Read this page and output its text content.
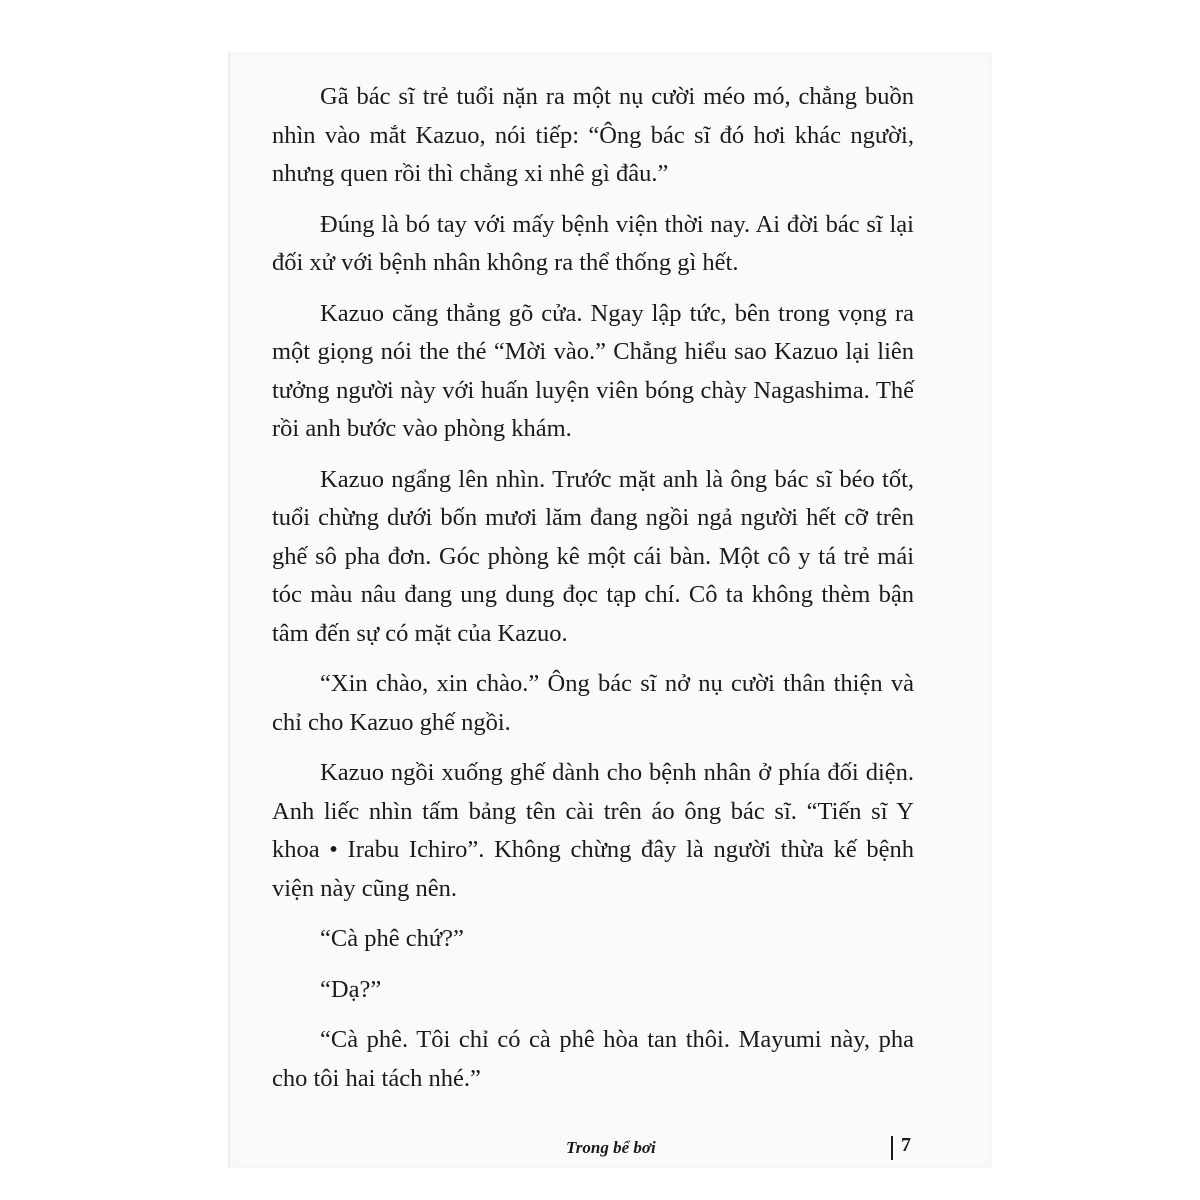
Gã bác sĩ trẻ tuổi nặn ra một nụ cười méo mó, chẳng buồn nhìn vào mắt Kazuo, nói tiếp: “Ông bác sĩ đó hơi khác người, nhưng quen rồi thì chẳng xi nhê gì đâu.”

Đúng là bó tay với mấy bệnh viện thời nay. Ai đời bác sĩ lại đối xử với bệnh nhân không ra thể thống gì hết.

Kazuo căng thẳng gõ cửa. Ngay lập tức, bên trong vọng ra một giọng nói the thé “Mời vào.” Chẳng hiểu sao Kazuo lại liên tưởng người này với huấn luyện viên bóng chày Nagashima. Thế rồi anh bước vào phòng khám.

Kazuo ngẩng lên nhìn. Trước mặt anh là ông bác sĩ béo tốt, tuổi chừng dưới bốn mươi lăm đang ngồi ngả người hết cỡ trên ghế sô pha đơn. Góc phòng kê một cái bàn. Một cô y tá trẻ mái tóc màu nâu đang ung dung đọc tạp chí. Cô ta không thèm bận tâm đến sự có mặt của Kazuo.

“Xin chào, xin chào.” Ông bác sĩ nở nụ cười thân thiện và chỉ cho Kazuo ghế ngồi.

Kazuo ngồi xuống ghế dành cho bệnh nhân ở phía đối diện. Anh liếc nhìn tấm bảng tên cài trên áo ông bác sĩ. “Tiến sĩ Y khoa • Irabu Ichiro”. Không chừng đây là người thừa kế bệnh viện này cũng nên.

“Cà phê chứ?”

“Dạ?”

“Cà phê. Tôi chỉ có cà phê hòa tan thôi. Mayumi này, pha cho tôi hai tách nhé.”

Trong bể bơi	7
